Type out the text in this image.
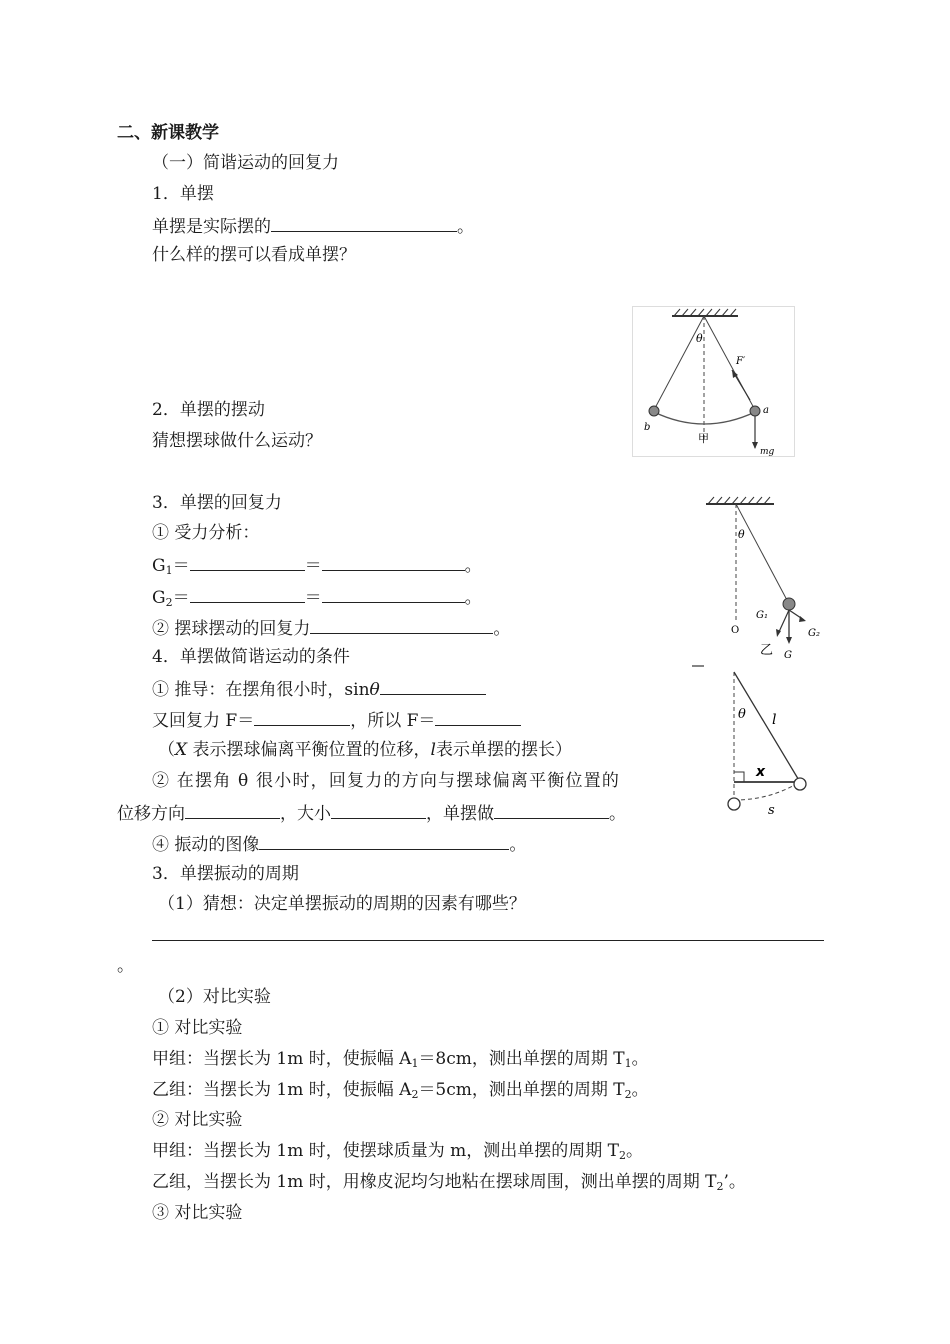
二、新课教学
（一）简谐运动的回复力
1．单摆
单摆是实际摆的	。
什么样的摆可以看成单摆？
2．单摆的摆动
猜想摆球做什么运动？
3．单摆的回复力
① 受力分析：
$G_1=$	＝	。
$G_2=$	＝	。
② 摆球摆动的回复力	。
4．单摆做简谐运动的条件
① 推导：在摆角很小时，sinθ
又回复力 F＝	，所以 F＝
（X 表示摆球偏离平衡位置的位移，l表示单摆的摆长）
② 在摆角 θ 很小时，回复力的方向与摆球偏离平衡位置的
位移方向	，大小	，单摆做	。
④ 振动的图像	。
3．单摆振动的周期
（1）猜想：决定单摆振动的周期的因素有哪些？
。
（2）对比实验
① 对比实验
甲组：当摆长为 1m 时，使振幅 $A_1=8cm$，测出单摆的周期 $T_1$。
乙组：当摆长为 1m 时，使振幅 $A_2=5cm$，测出单摆的周期 $T_2$。
② 对比实验
甲组：当摆长为 1m 时，使摆球质量为 m，测出单摆的周期 $T_2$。
乙组，当摆长为 1m 时，用橡皮泥均匀地粘在摆球周围，测出单摆的周期 $T_2$’。
③ 对比实验
θ
F′
a
b
甲
mg
θ
O
G₁
G₂
G
乙
θ l
x
s
